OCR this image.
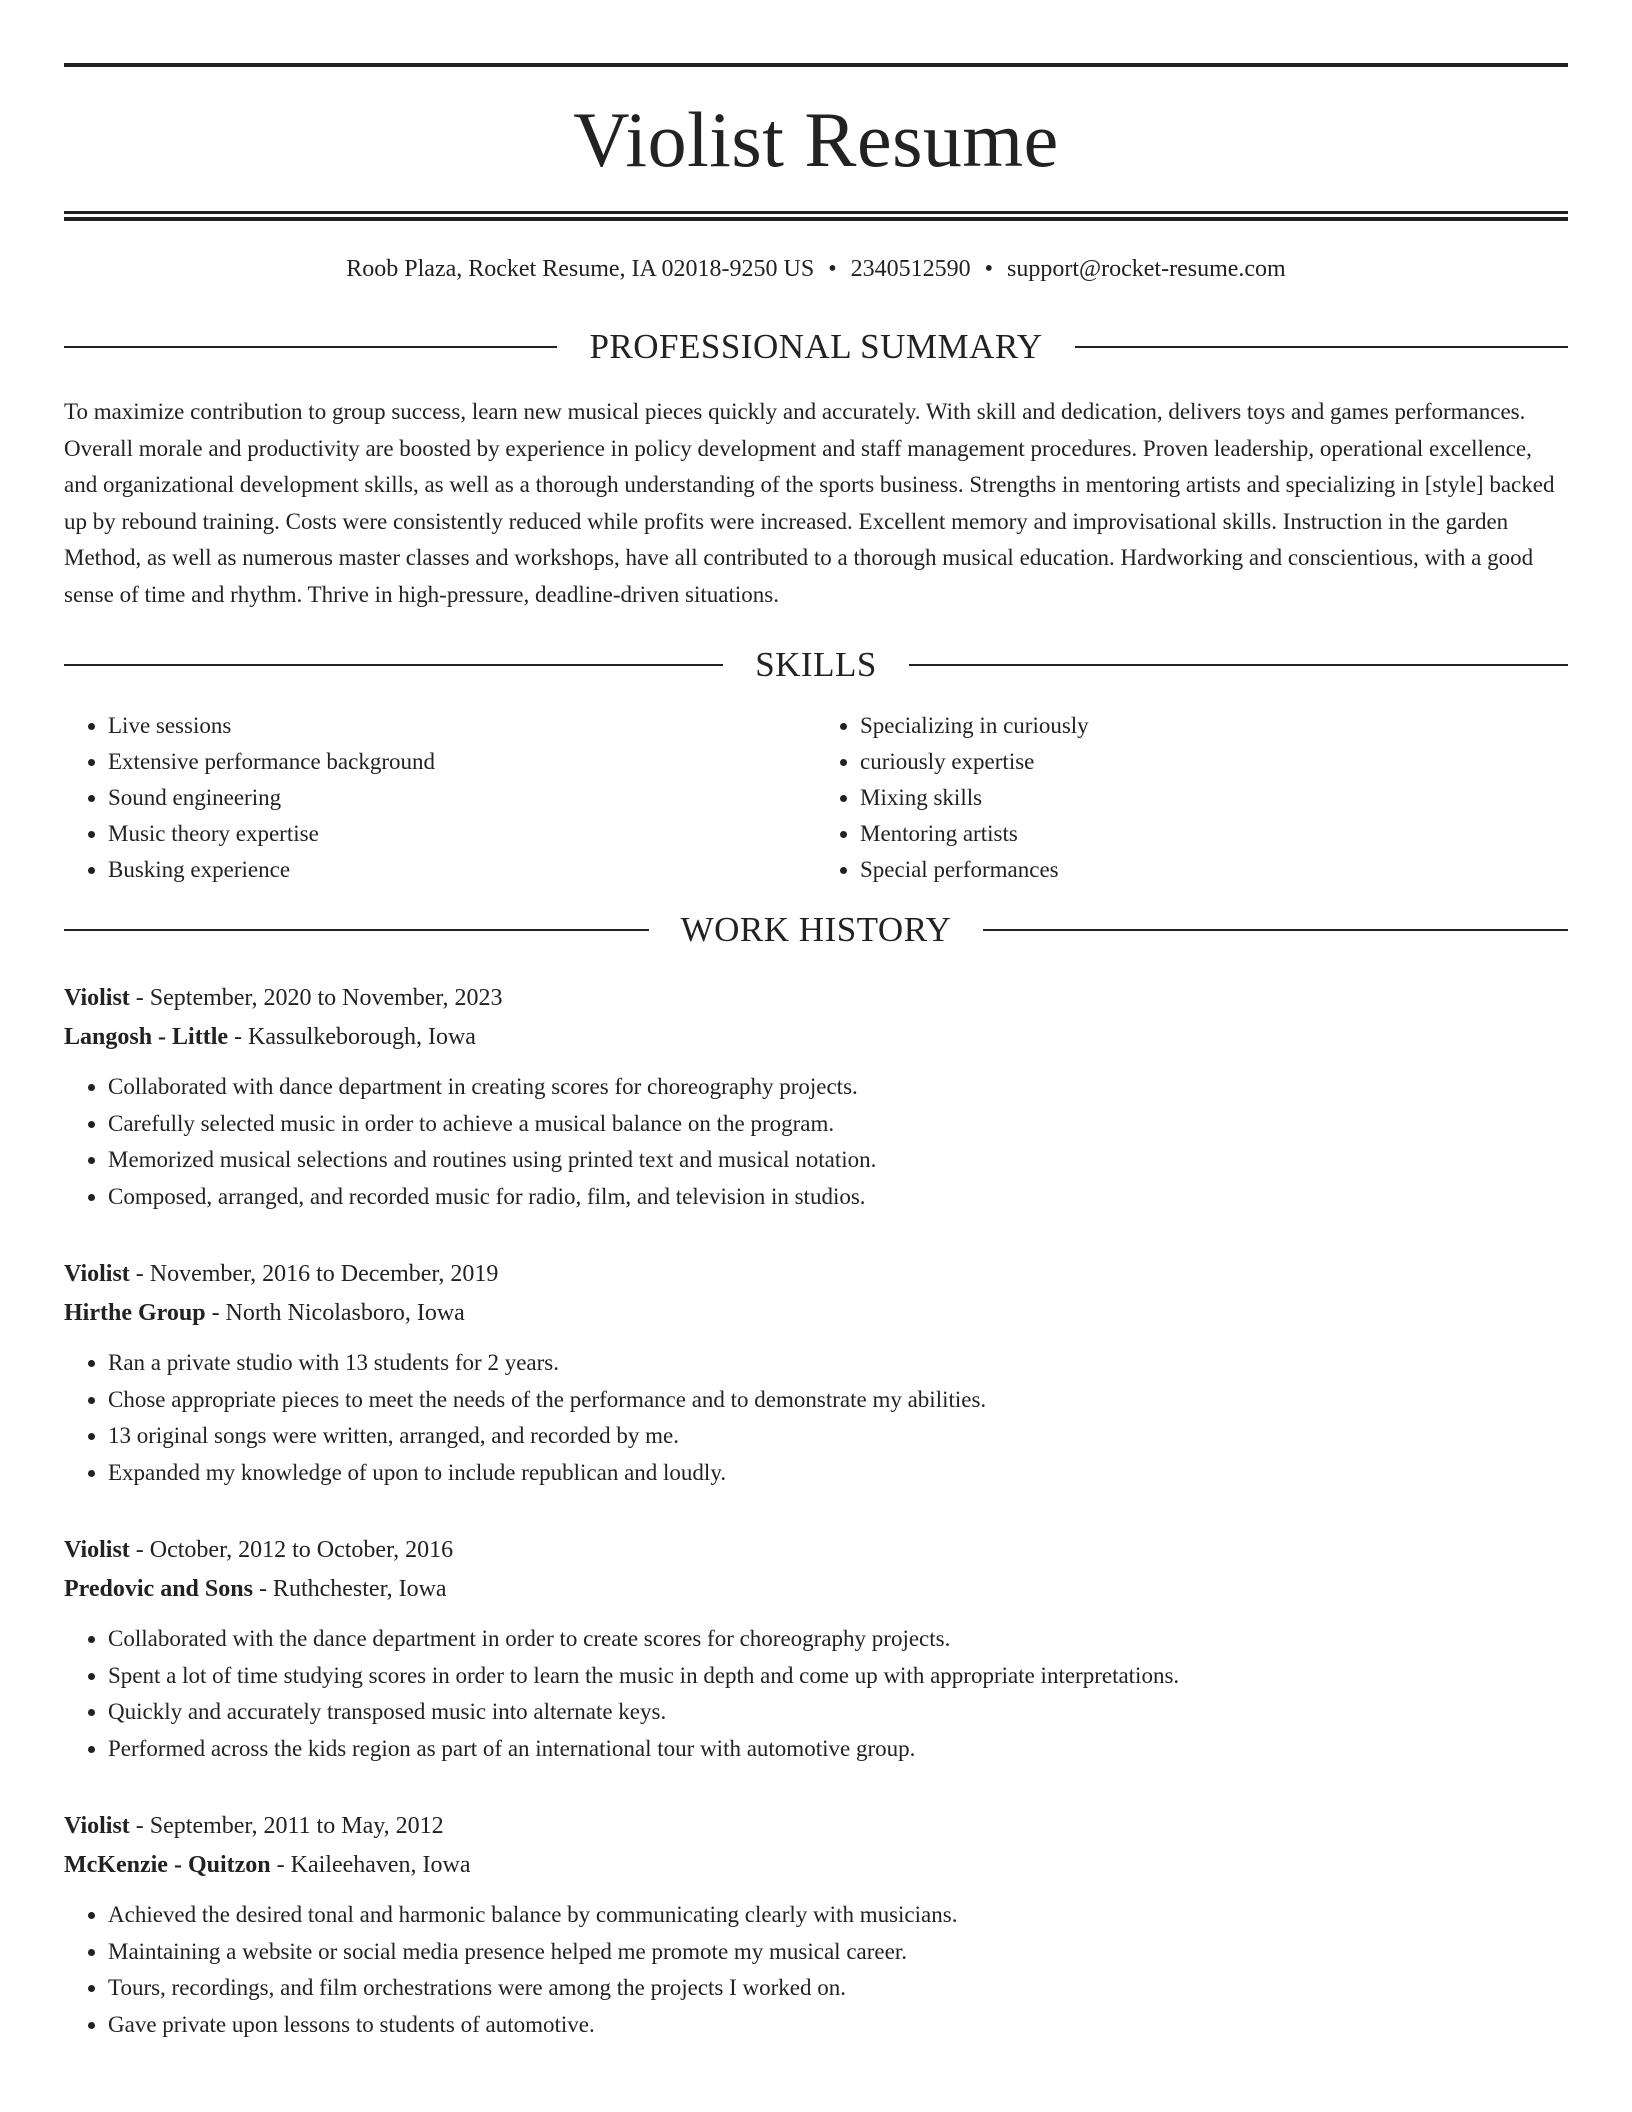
Violist Resume
Roob Plaza, Rocket Resume, IA 02018-9250 US • 2340512590 • support@rocket-resume.com
PROFESSIONAL SUMMARY
To maximize contribution to group success, learn new musical pieces quickly and accurately. With skill and dedication, delivers toys and games performances. Overall morale and productivity are boosted by experience in policy development and staff management procedures. Proven leadership, operational excellence, and organizational development skills, as well as a thorough understanding of the sports business. Strengths in mentoring artists and specializing in [style] backed up by rebound training. Costs were consistently reduced while profits were increased. Excellent memory and improvisational skills. Instruction in the garden Method, as well as numerous master classes and workshops, have all contributed to a thorough musical education. Hardworking and conscientious, with a good sense of time and rhythm. Thrive in high-pressure, deadline-driven situations.
SKILLS
• Live sessions
• Extensive performance background
• Sound engineering
• Music theory expertise
• Busking experience
• Specializing in curiously
• curiously expertise
• Mixing skills
• Mentoring artists
• Special performances
WORK HISTORY
Violist - September, 2020 to November, 2023
Langosh - Little - Kassulkeborough, Iowa
• Collaborated with dance department in creating scores for choreography projects.
• Carefully selected music in order to achieve a musical balance on the program.
• Memorized musical selections and routines using printed text and musical notation.
• Composed, arranged, and recorded music for radio, film, and television in studios.
Violist - November, 2016 to December, 2019
Hirthe Group - North Nicolasboro, Iowa
• Ran a private studio with 13 students for 2 years.
• Chose appropriate pieces to meet the needs of the performance and to demonstrate my abilities.
• 13 original songs were written, arranged, and recorded by me.
• Expanded my knowledge of upon to include republican and loudly.
Violist - October, 2012 to October, 2016
Predovic and Sons - Ruthchester, Iowa
• Collaborated with the dance department in order to create scores for choreography projects.
• Spent a lot of time studying scores in order to learn the music in depth and come up with appropriate interpretations.
• Quickly and accurately transposed music into alternate keys.
• Performed across the kids region as part of an international tour with automotive group.
Violist - September, 2011 to May, 2012
McKenzie - Quitzon - Kaileehaven, Iowa
• Achieved the desired tonal and harmonic balance by communicating clearly with musicians.
• Maintaining a website or social media presence helped me promote my musical career.
• Tours, recordings, and film orchestrations were among the projects I worked on.
• Gave private upon lessons to students of automotive.
